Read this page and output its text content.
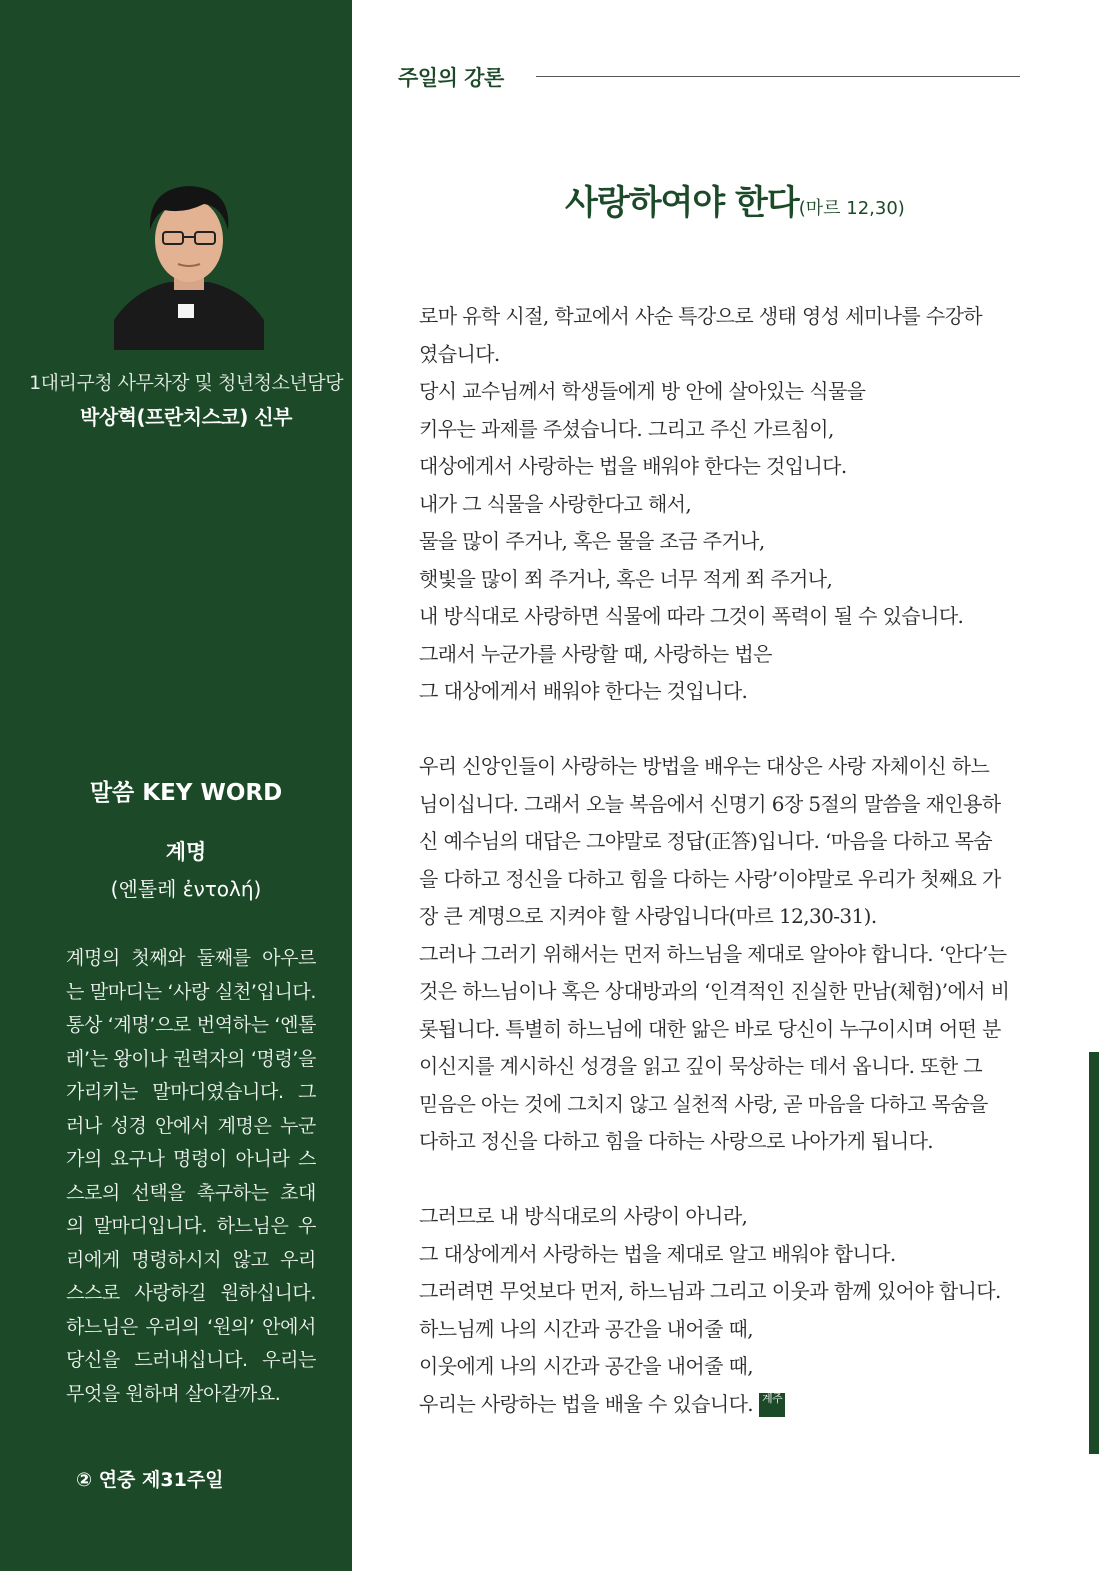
1대리구청 사무차장 및 청년청소년담당
박상혁(프란치스코) 신부
말씀 KEY WORD
계명
(엔톨레 ἐντολή)
계명의 첫째와 둘째를 아우르는 말마디는 ‘사랑 실천’입니다. 통상 ‘계명’으로 번역하는 ‘엔톨레’는 왕이나 권력자의 ‘명령’을 가리키는 말마디였습니다. 그러나 성경 안에서 계명은 누군가의 요구나 명령이 아니라 스스로의 선택을 촉구하는 초대의 말마디입니다. 하느님은 우리에게 명령하시지 않고 우리 스스로 사랑하길 원하십니다. 하느님은 우리의 ‘원의’ 안에서 당신을 드러내십니다. 우리는 무엇을 원하며 살아갈까요.
② 연중 제31주일
주일의 강론
사랑하여야 한다(마르 12,30)
로마 유학 시절, 학교에서 사순 특강으로 생태 영성 세미나를 수강하
였습니다.
당시 교수님께서 학생들에게 방 안에 살아있는 식물을
키우는 과제를 주셨습니다. 그리고 주신 가르침이,
대상에게서 사랑하는 법을 배워야 한다는 것입니다.
내가 그 식물을 사랑한다고 해서,
물을 많이 주거나, 혹은 물을 조금 주거나,
햇빛을 많이 쬐 주거나, 혹은 너무 적게 쬐 주거나,
내 방식대로 사랑하면 식물에 따라 그것이 폭력이 될 수 있습니다.
그래서 누군가를 사랑할 때, 사랑하는 법은
그 대상에게서 배워야 한다는 것입니다.
우리 신앙인들이 사랑하는 방법을 배우는 대상은 사랑 자체이신 하느
님이십니다. 그래서 오늘 복음에서 신명기 6장 5절의 말씀을 재인용하
신 예수님의 대답은 그야말로 정답(正答)입니다. ‘마음을 다하고 목숨
을 다하고 정신을 다하고 힘을 다하는 사랑’이야말로 우리가 첫째요 가
장 큰 계명으로 지켜야 할 사랑입니다(마르 12,30-31).
그러나 그러기 위해서는 먼저 하느님을 제대로 알아야 합니다. ‘안다’는
것은 하느님이나 혹은 상대방과의 ‘인격적인 진실한 만남(체험)’에서 비
롯됩니다. 특별히 하느님에 대한 앎은 바로 당신이 누구이시며 어떤 분
이신지를 계시하신 성경을 읽고 깊이 묵상하는 데서 옵니다. 또한 그
믿음은 아는 것에 그치지 않고 실천적 사랑, 곧 마음을 다하고 목숨을
다하고 정신을 다하고 힘을 다하는 사랑으로 나아가게 됩니다.
그러므로 내 방식대로의 사랑이 아니라,
그 대상에게서 사랑하는 법을 제대로 알고 배워야 합니다.
그러려면 무엇보다 먼저, 하느님과 그리고 이웃과 함께 있어야 합니다.
하느님께 나의 시간과 공간을 내어줄 때,
이웃에게 나의 시간과 공간을 내어줄 때,
우리는 사랑하는 법을 배울 수 있습니다. 계주
